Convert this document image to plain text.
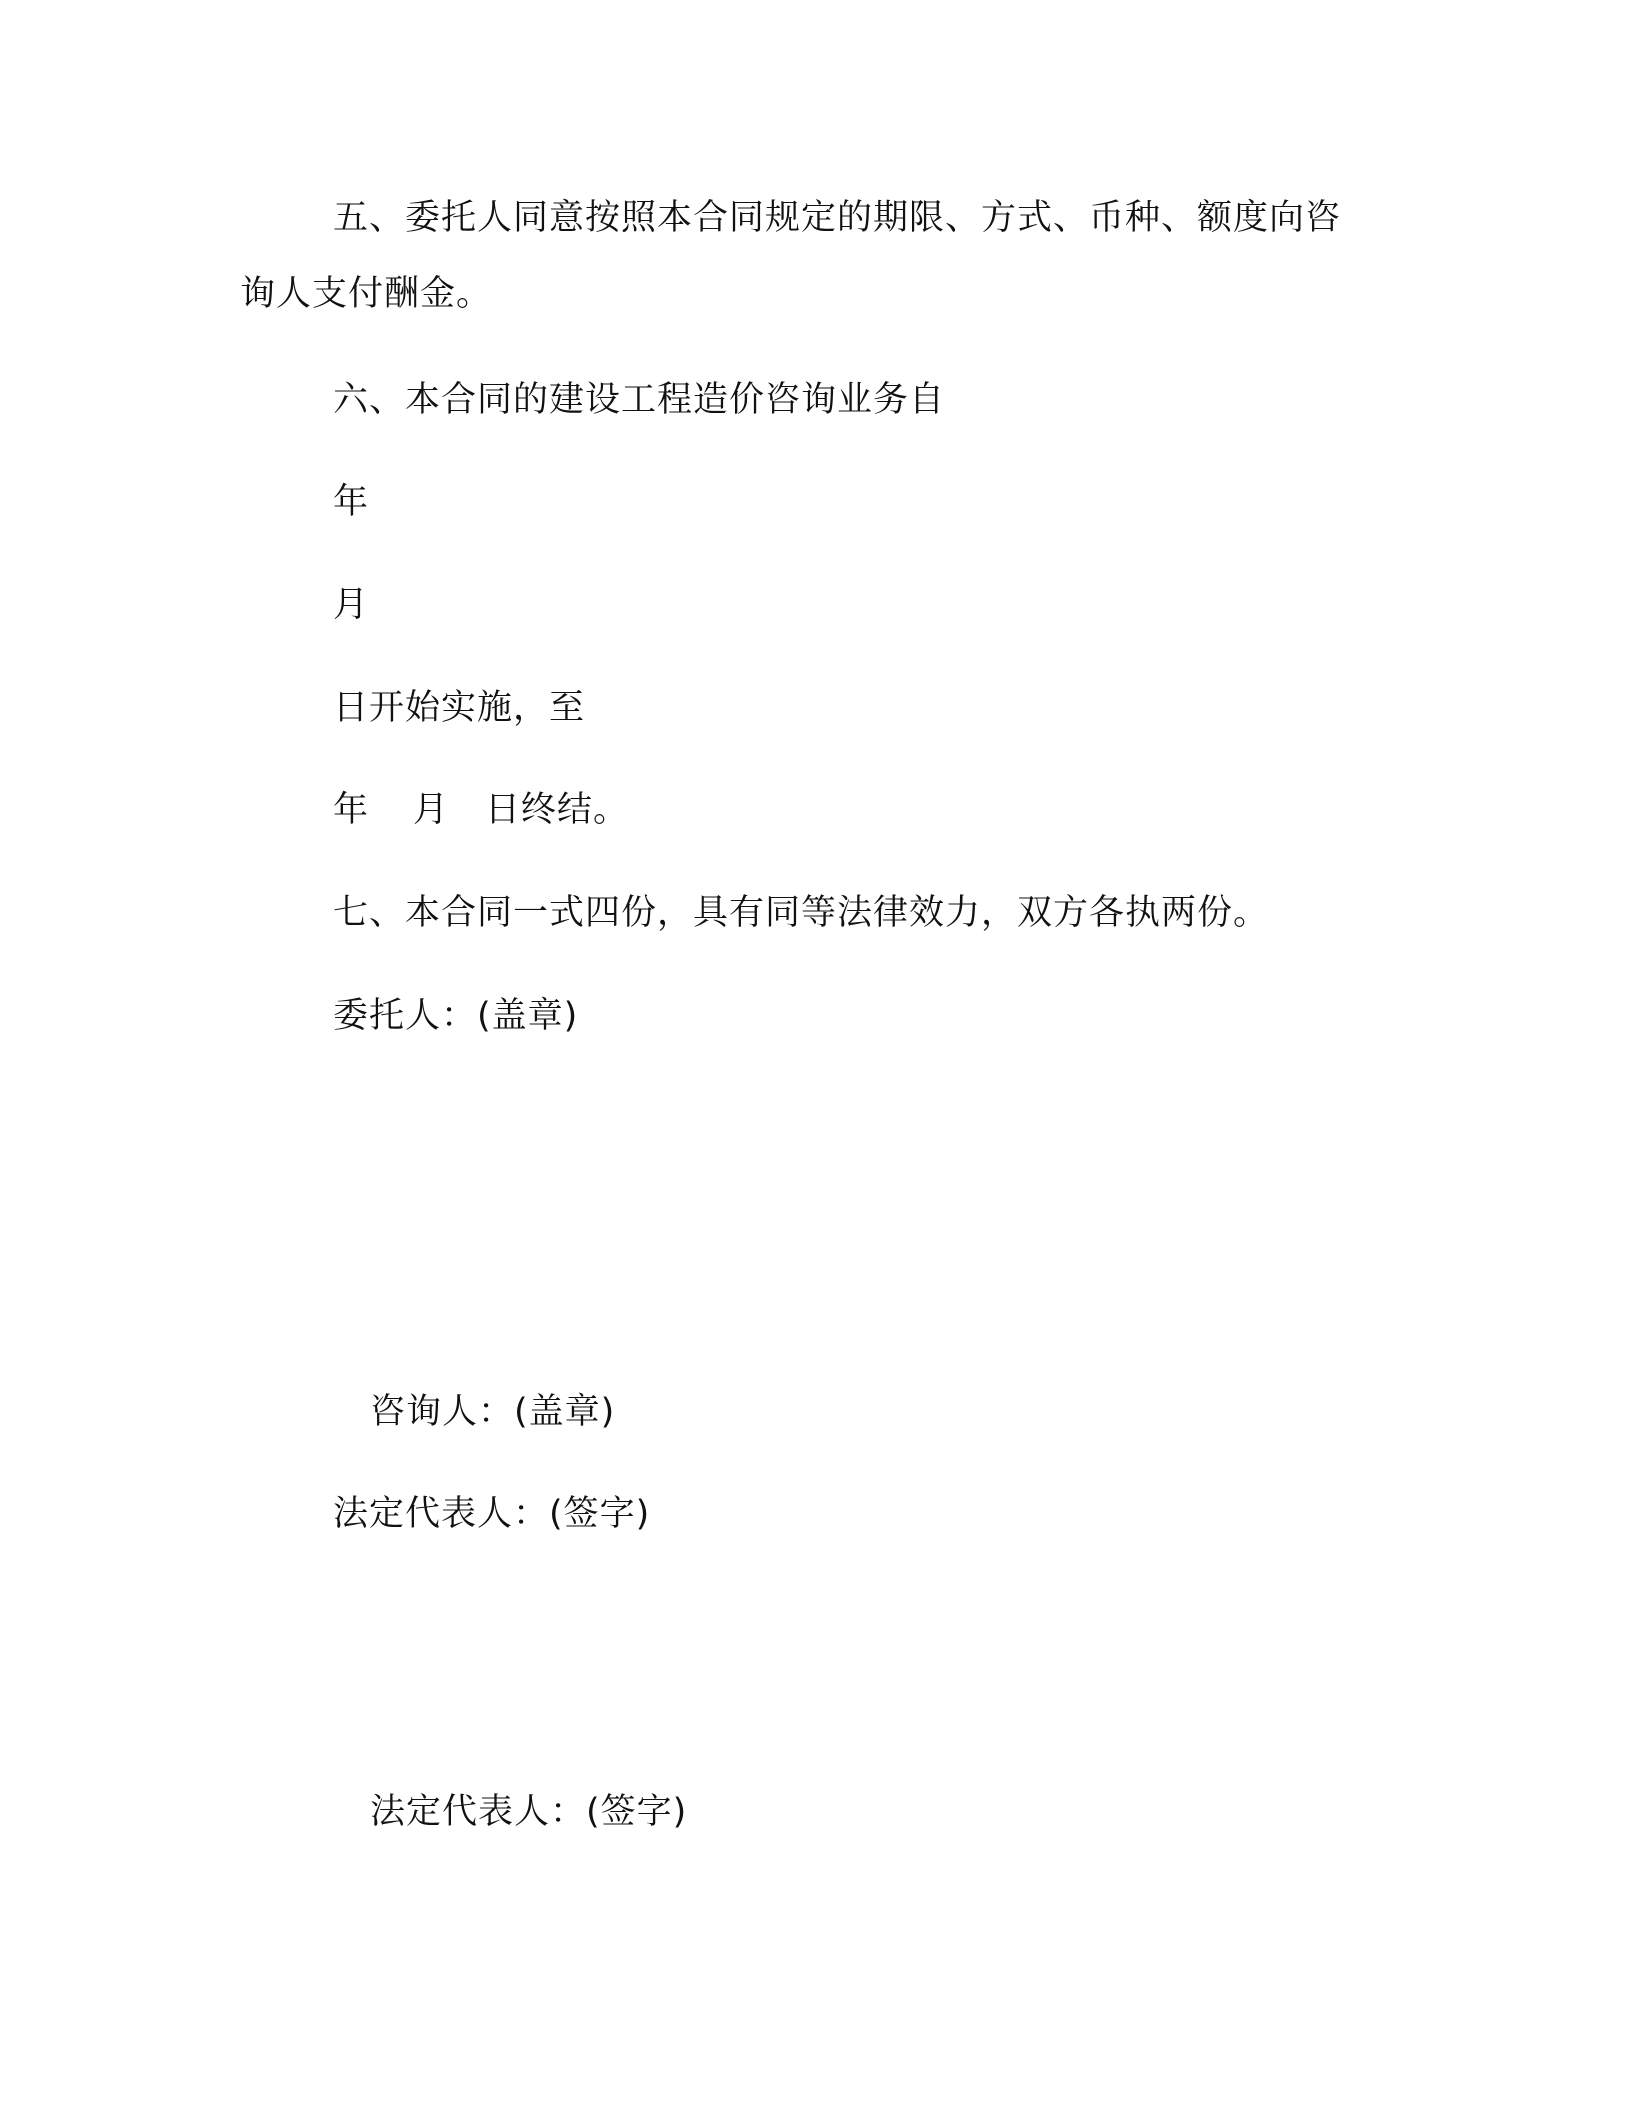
五、委托人同意按照本合同规定的期限、方式、币种、额度向咨
询人支付酬金。
六、本合同的建设工程造价咨询业务自
年
月
日开始实施，至
年 月 日终结。
七、本合同一式四份，具有同等法律效力，双方各执两份。
委托人：(盖章)
咨询人：(盖章)
法定代表人：(签字)
法定代表人：(签字)
